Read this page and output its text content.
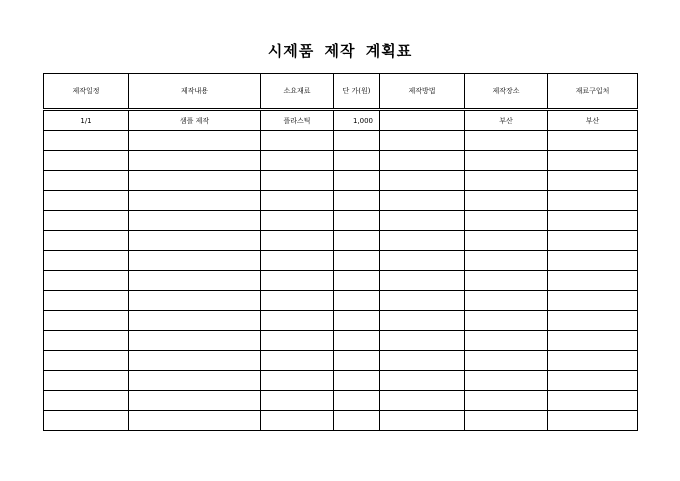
시제품 제작 계획표
제작일정	제작내용	소요재료	단 가(원)	제작방법	제작장소	재료구입처
1/1	샘플 제작	플라스틱	1,000		부산	부산
